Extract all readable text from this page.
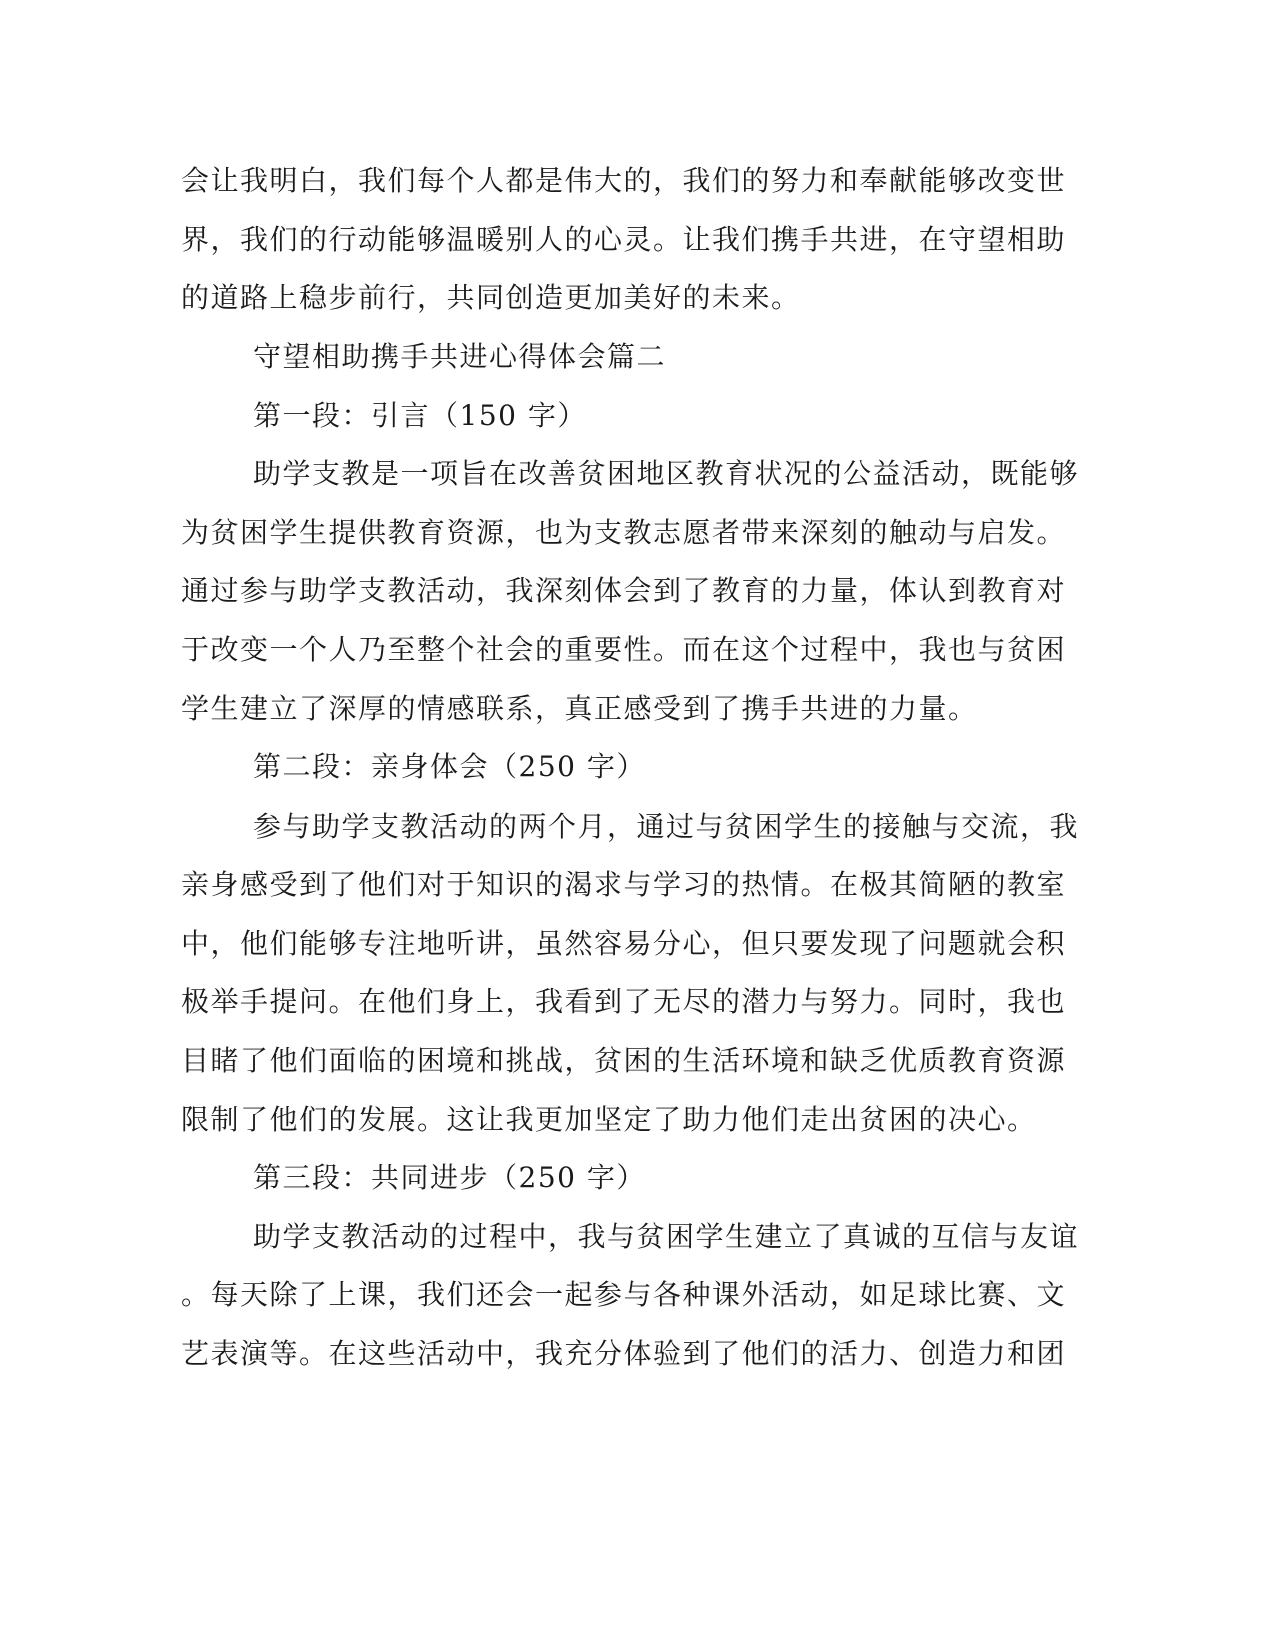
会让我明白，我们每个人都是伟大的，我们的努力和奉献能够改变世
界，我们的行动能够温暖别人的心灵。让我们携手共进，在守望相助
的道路上稳步前行，共同创造更加美好的未来。
守望相助携手共进心得体会篇二
第一段：引言（150 字）
助学支教是一项旨在改善贫困地区教育状况的公益活动，既能够
为贫困学生提供教育资源，也为支教志愿者带来深刻的触动与启发。
通过参与助学支教活动，我深刻体会到了教育的力量，体认到教育对
于改变一个人乃至整个社会的重要性。而在这个过程中，我也与贫困
学生建立了深厚的情感联系，真正感受到了携手共进的力量。
第二段：亲身体会（250 字）
参与助学支教活动的两个月，通过与贫困学生的接触与交流，我
亲身感受到了他们对于知识的渴求与学习的热情。在极其简陋的教室
中，他们能够专注地听讲，虽然容易分心，但只要发现了问题就会积
极举手提问。在他们身上，我看到了无尽的潜力与努力。同时，我也
目睹了他们面临的困境和挑战，贫困的生活环境和缺乏优质教育资源
限制了他们的发展。这让我更加坚定了助力他们走出贫困的决心。
第三段：共同进步（250 字）
助学支教活动的过程中，我与贫困学生建立了真诚的互信与友谊
。每天除了上课，我们还会一起参与各种课外活动，如足球比赛、文
艺表演等。在这些活动中，我充分体验到了他们的活力、创造力和团
